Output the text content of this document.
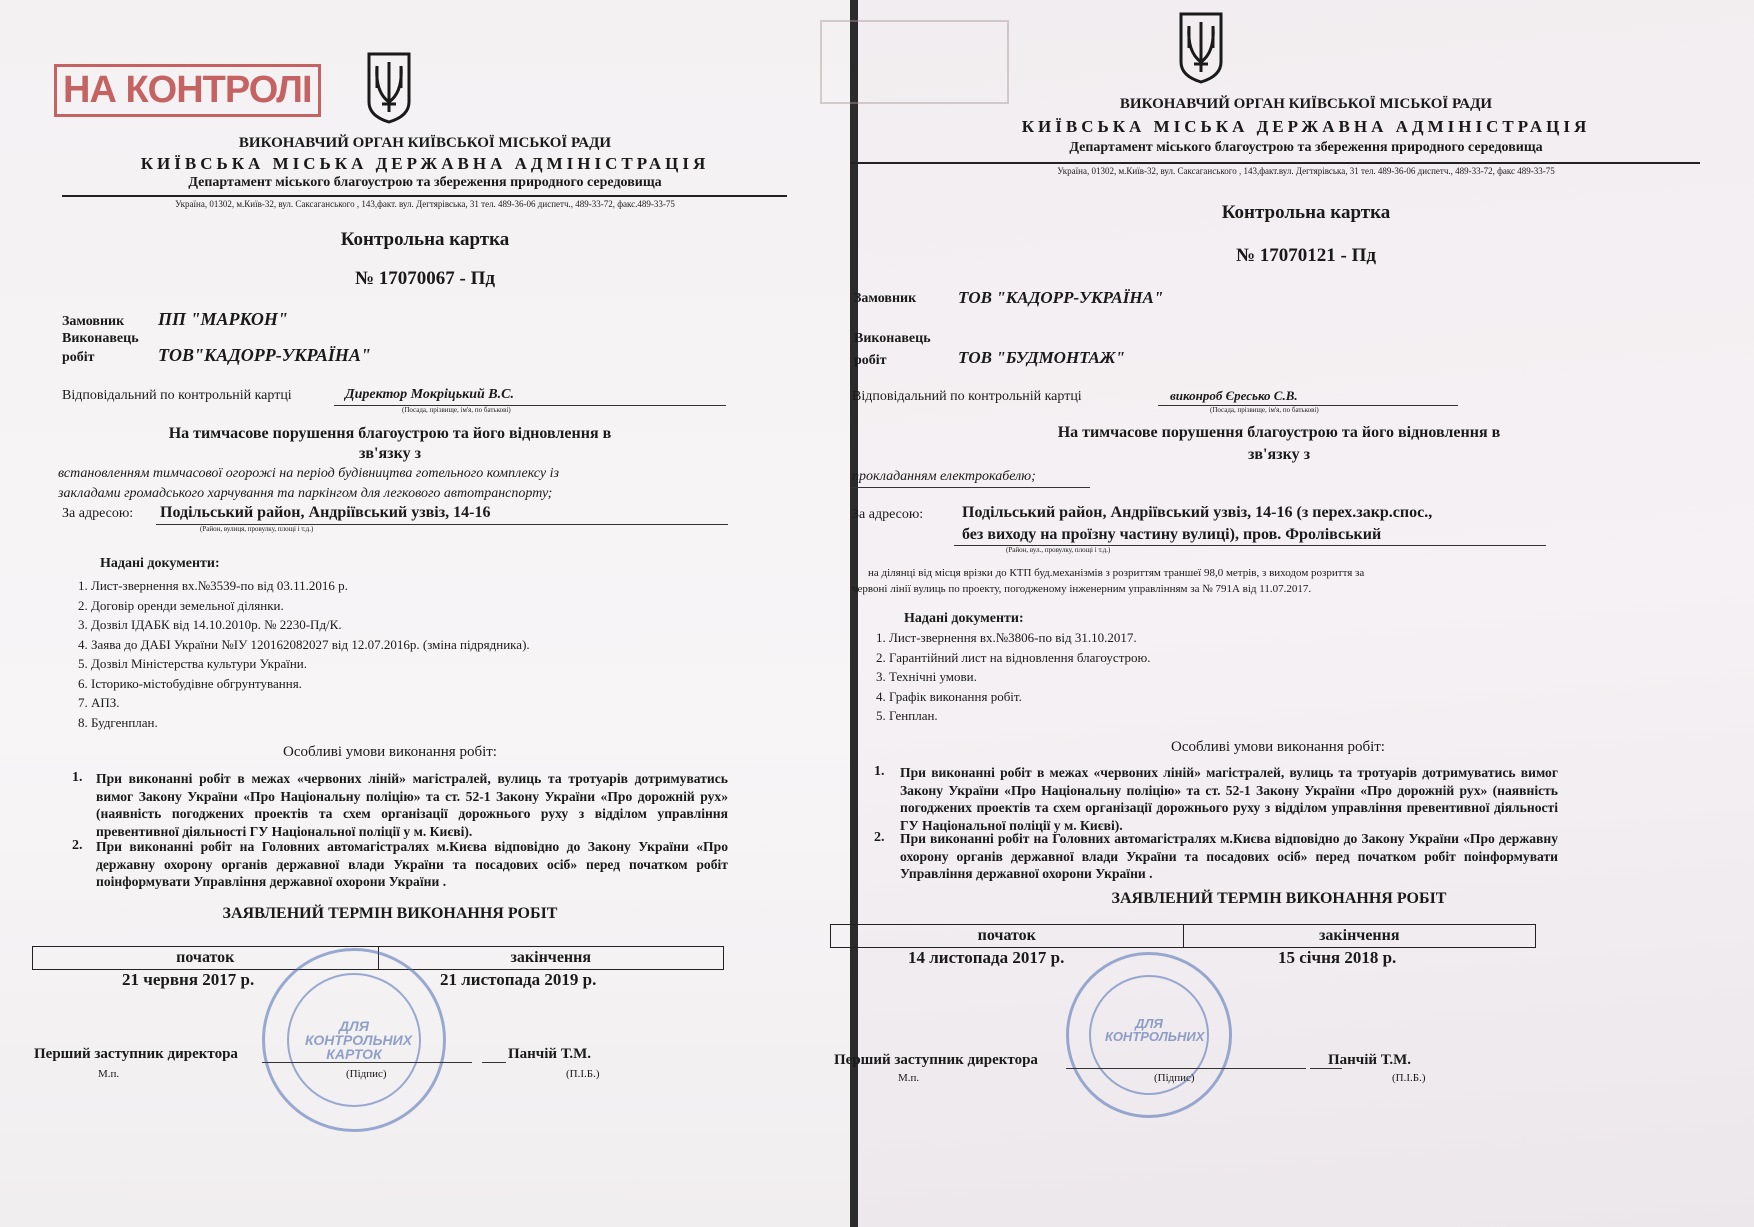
НА КОНТРОЛІ
ВИКОНАВЧИЙ ОРГАН КИЇВСЬКОЇ МІСЬКОЇ РАДИ
КИЇВСЬКА МІСЬКА ДЕРЖАВНА АДМІНІСТРАЦІЯ
Департамент міського благоустрою та збереження природного середовища
Україна, 01302, м.Київ-32, вул. Саксаганського , 143,факт. вул. Дегтярівська, 31 тел. 489-36-06 диспетч., 489-33-72, факс.489-33-75
Контрольна картка
№ 17070067 - Пд
Замовник ПП "МАРКОН"
Виконавець
робіт	ТОВ"КАДОРР-УКРАЇНА"
Відповідальний по контрольній картці	Директор Мокріцький В.С.
(Посада, прізвище, ім'я, по батькові)
На тимчасове порушення благоустрою та його відновлення в
зв'язку з
встановленням тимчасової огорожі на період будівництва готельного комплексу із
закладами громадського харчування та паркінгом для легкового автотранспорту;
За адресою: Подільський район, Андріївський узвіз, 14-16
(Район, вулиця, провулку, площі і т.д.)
Надані документи:
1. Лист-звернення вх.№3539-по від 03.11.2016 р.
2. Договір оренди земельної ділянки.
3. Дозвіл ІДАБК від 14.10.2010р. № 2230-Пд/К.
4. Заява до ДАБІ України №ІУ 120162082027 від 12.07.2016р. (зміна підрядника).
5. Дозвіл Міністерства культури України.
6. Історико-містобудівне обгрунтування.
7. АПЗ.
8. Будгенплан.
Особливі умови виконання робіт:
1. При виконанні робіт в межах «червоних ліній» магістралей, вулиць та тротуарів дотримуватись вимог Закону України «Про Національну поліцію» та ст. 52-1 Закону України «Про дорожній рух» (наявність погоджених проектів та схем організації дорожнього руху з відділом управління превентивної діяльності ГУ Національної поліції у м. Києві).
2. При виконанні робіт на Головних автомагістралях м.Києва відповідно до Закону України «Про державну охорону органів державної влади України та посадових осіб» перед початком робіт поінформувати Управління державної охорони України .
ЗАЯВЛЕНИЙ ТЕРМІН ВИКОНАННЯ РОБІТ
початок	закінчення
21 червня 2017 р.	21 листопада 2019 р.
ДЛЯ КОНТРОЛЬНИХ КАРТОК
Перший заступник директора	Панчій Т.М.
М.п.	(Підпис)	(П.І.Б.)
ВИКОНАВЧИЙ ОРГАН КИЇВСЬКОЇ МІСЬКОЇ РАДИ
КИЇВСЬКА МІСЬКА ДЕРЖАВНА АДМІНІСТРАЦІЯ
Департамент міського благоустрою та збереження природного середовища
Україна, 01302, м.Київ-32, вул. Саксаганського , 143,факт.вул. Дегтярівська, 31 тел. 489-36-06 диспетч., 489-33-72, факс 489-33-75
Контрольна картка
№ 17070121 - Пд
Замовник ТОВ "КАДОРР-УКРАЇНА"
Виконавець
робіт	ТОВ "БУДМОНТАЖ"
Відповідальний по контрольній картці	виконроб Єресько С.В.
(Посада, прізвище, ім'я, по батькові)
На тимчасове порушення благоустрою та його відновлення в
зв'язку з
прокладанням електрокабелю;
За адресою: Подільський район, Андріївський узвіз, 14-16 (з перех.закр.спос.,
без виходу на проїзну частину вулиці), пров. Фролівський
(Район, вул., провулку, площі і т.д.)
на ділянці від місця врізки до КТП буд.механізмів з розриттям траншеї 98,0 метрів, з виходом розриття за
червоні лінії вулиць по проекту, погодженому інженерним управлінням за № 791А від 11.07.2017.
Надані документи:
1. Лист-звернення вх.№3806-по від 31.10.2017.
2. Гарантійний лист на відновлення благоустрою.
3. Технічні умови.
4. Графік виконання робіт.
5. Генплан.
Особливі умови виконання робіт:
1. При виконанні робіт в межах «червоних ліній» магістралей, вулиць та тротуарів дотримуватись вимог Закону України «Про Національну поліцію» та ст. 52-1 Закону України «Про дорожній рух» (наявність погоджених проектів та схем організації дорожнього руху з відділом управління превентивної діяльності ГУ Національної поліції у м. Києві).
2. При виконанні робіт на Головних автомагістралях м.Києва відповідно до Закону України «Про державну охорону органів державної влади України та посадових осіб» перед початком робіт поінформувати Управління державної охорони України .
ЗАЯВЛЕНИЙ ТЕРМІН ВИКОНАННЯ РОБІТ
початок	закінчення
14 листопада 2017 р.	15 січня 2018 р.
ДЛЯ КОНТРОЛЬНИХ
Перший заступник директора	Панчій Т.М.
М.п.	(Підпис)	(П.І.Б.)
